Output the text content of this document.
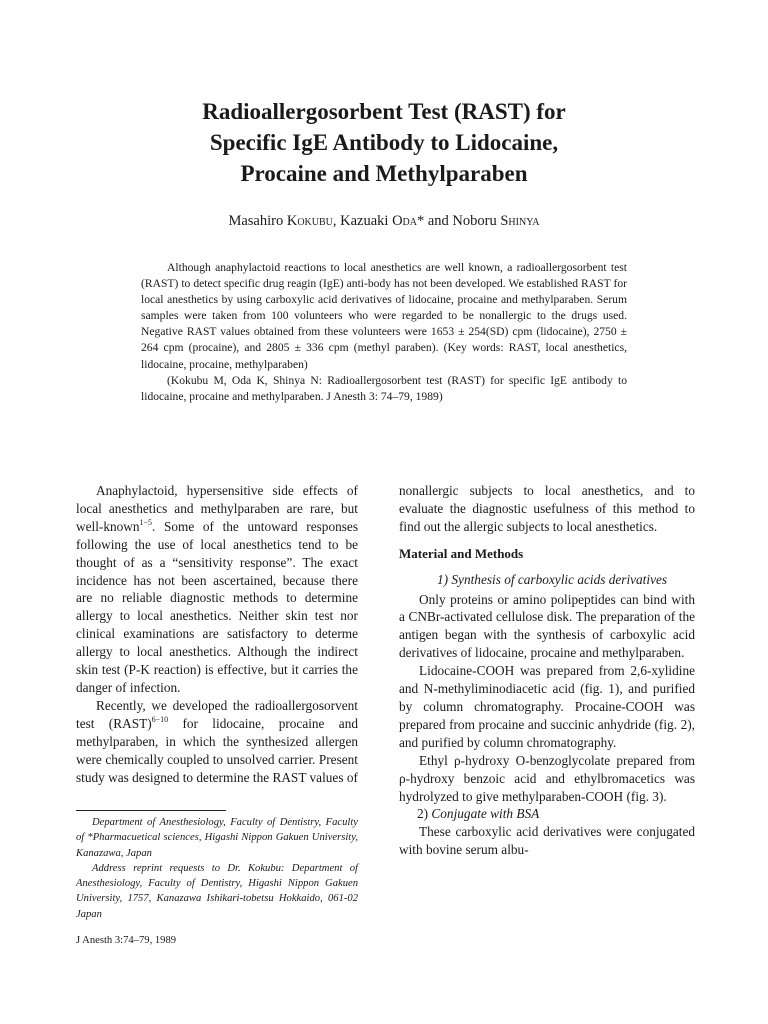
Radioallergosorbent Test (RAST) for
Specific IgE Antibody to Lidocaine,
Procaine and Methylparaben
Masahiro Kokubu, Kazuaki Oda* and Noboru Shinya

Although anaphylactoid reactions to local anesthetics are well known, a radioallergosorbent test (RAST) to detect specific drug reagin (IgE) anti-body has not been developed. We established RAST for local anesthetics by using carboxylic acid derivatives of lidocaine, procaine and methylparaben. Serum samples were taken from 100 volunteers who were regarded to be nonallergic to the drugs used. Negative RAST values obtained from these volunteers were 1653 ± 254(SD) cpm (lidocaine), 2750 ± 264 cpm (procaine), and 2805 ± 336 cpm (methyl paraben). (Key words: RAST, local anesthetics, lidocaine, procaine, methylparaben)

(Kokubu M, Oda K, Shinya N: Radioallergosorbent test (RAST) for specific IgE antibody to lidocaine, procaine and methylparaben. J Anesth 3: 74–79, 1989)

Anaphylactoid, hypersensitive side effects of local anesthetics and methylparaben are rare, but well-known$^{1-5}$. Some of the untoward responses following the use of local anesthetics tend to be thought of as a “sensitivity response”. The exact incidence has not been ascertained, because there are no reliable diagnostic methods to determine allergy to local anesthetics. Neither skin test nor clinical examinations are satisfactory to determe allergy to local anesthetics. Although the indirect skin test (P-K reaction) is effective, but it carries the danger of infection.

Recently, we developed the radioallergosorvent test (RAST)$^{6-10}$ for lidocaine, procaine and methylparaben, in which the synthesized allergen were chemically coupled to unsolved carrier. Present study was designed to determine the RAST values of

Department of Anesthesiology, Faculty of Dentistry, Faculty of *Pharmacuetical sciences, Higashi Nippon Gakuen University, Kanazawa, Japan

Address reprint requests to Dr. Kokubu: Department of Anesthesiology, Faculty of Dentistry, Higashi Nippon Gakuen University, 1757, Kanazawa Ishikari-tobetsu Hokkaido, 061-02 Japan

J Anesth 3:74–79, 1989

nonallergic subjects to local anesthetics, and to evaluate the diagnostic usefulness of this method to find out the allergic subjects to local anesthetics.

Material and Methods

1) Synthesis of carboxylic acids derivatives

Only proteins or amino polipeptides can bind with a CNBr-activated cellulose disk. The preparation of the antigen began with the synthesis of carboxylic acid derivatives of lidocaine, procaine and methylparaben.

Lidocaine-COOH was prepared from 2,6-xylidine and N-methyliminodiacetic acid (fig. 1), and purified by column chromatography. Procaine-COOH was prepared from procaine and succinic anhydride (fig. 2), and purified by column chromatography.

Ethyl ρ-hydroxy O-benzoglycolate prepared from ρ-hydroxy benzoic acid and ethylbromacetics was hydrolyzed to give methylparaben-COOH (fig. 3).

2) Conjugate with BSA

These carboxylic acid derivatives were conjugated with bovine serum albu-
